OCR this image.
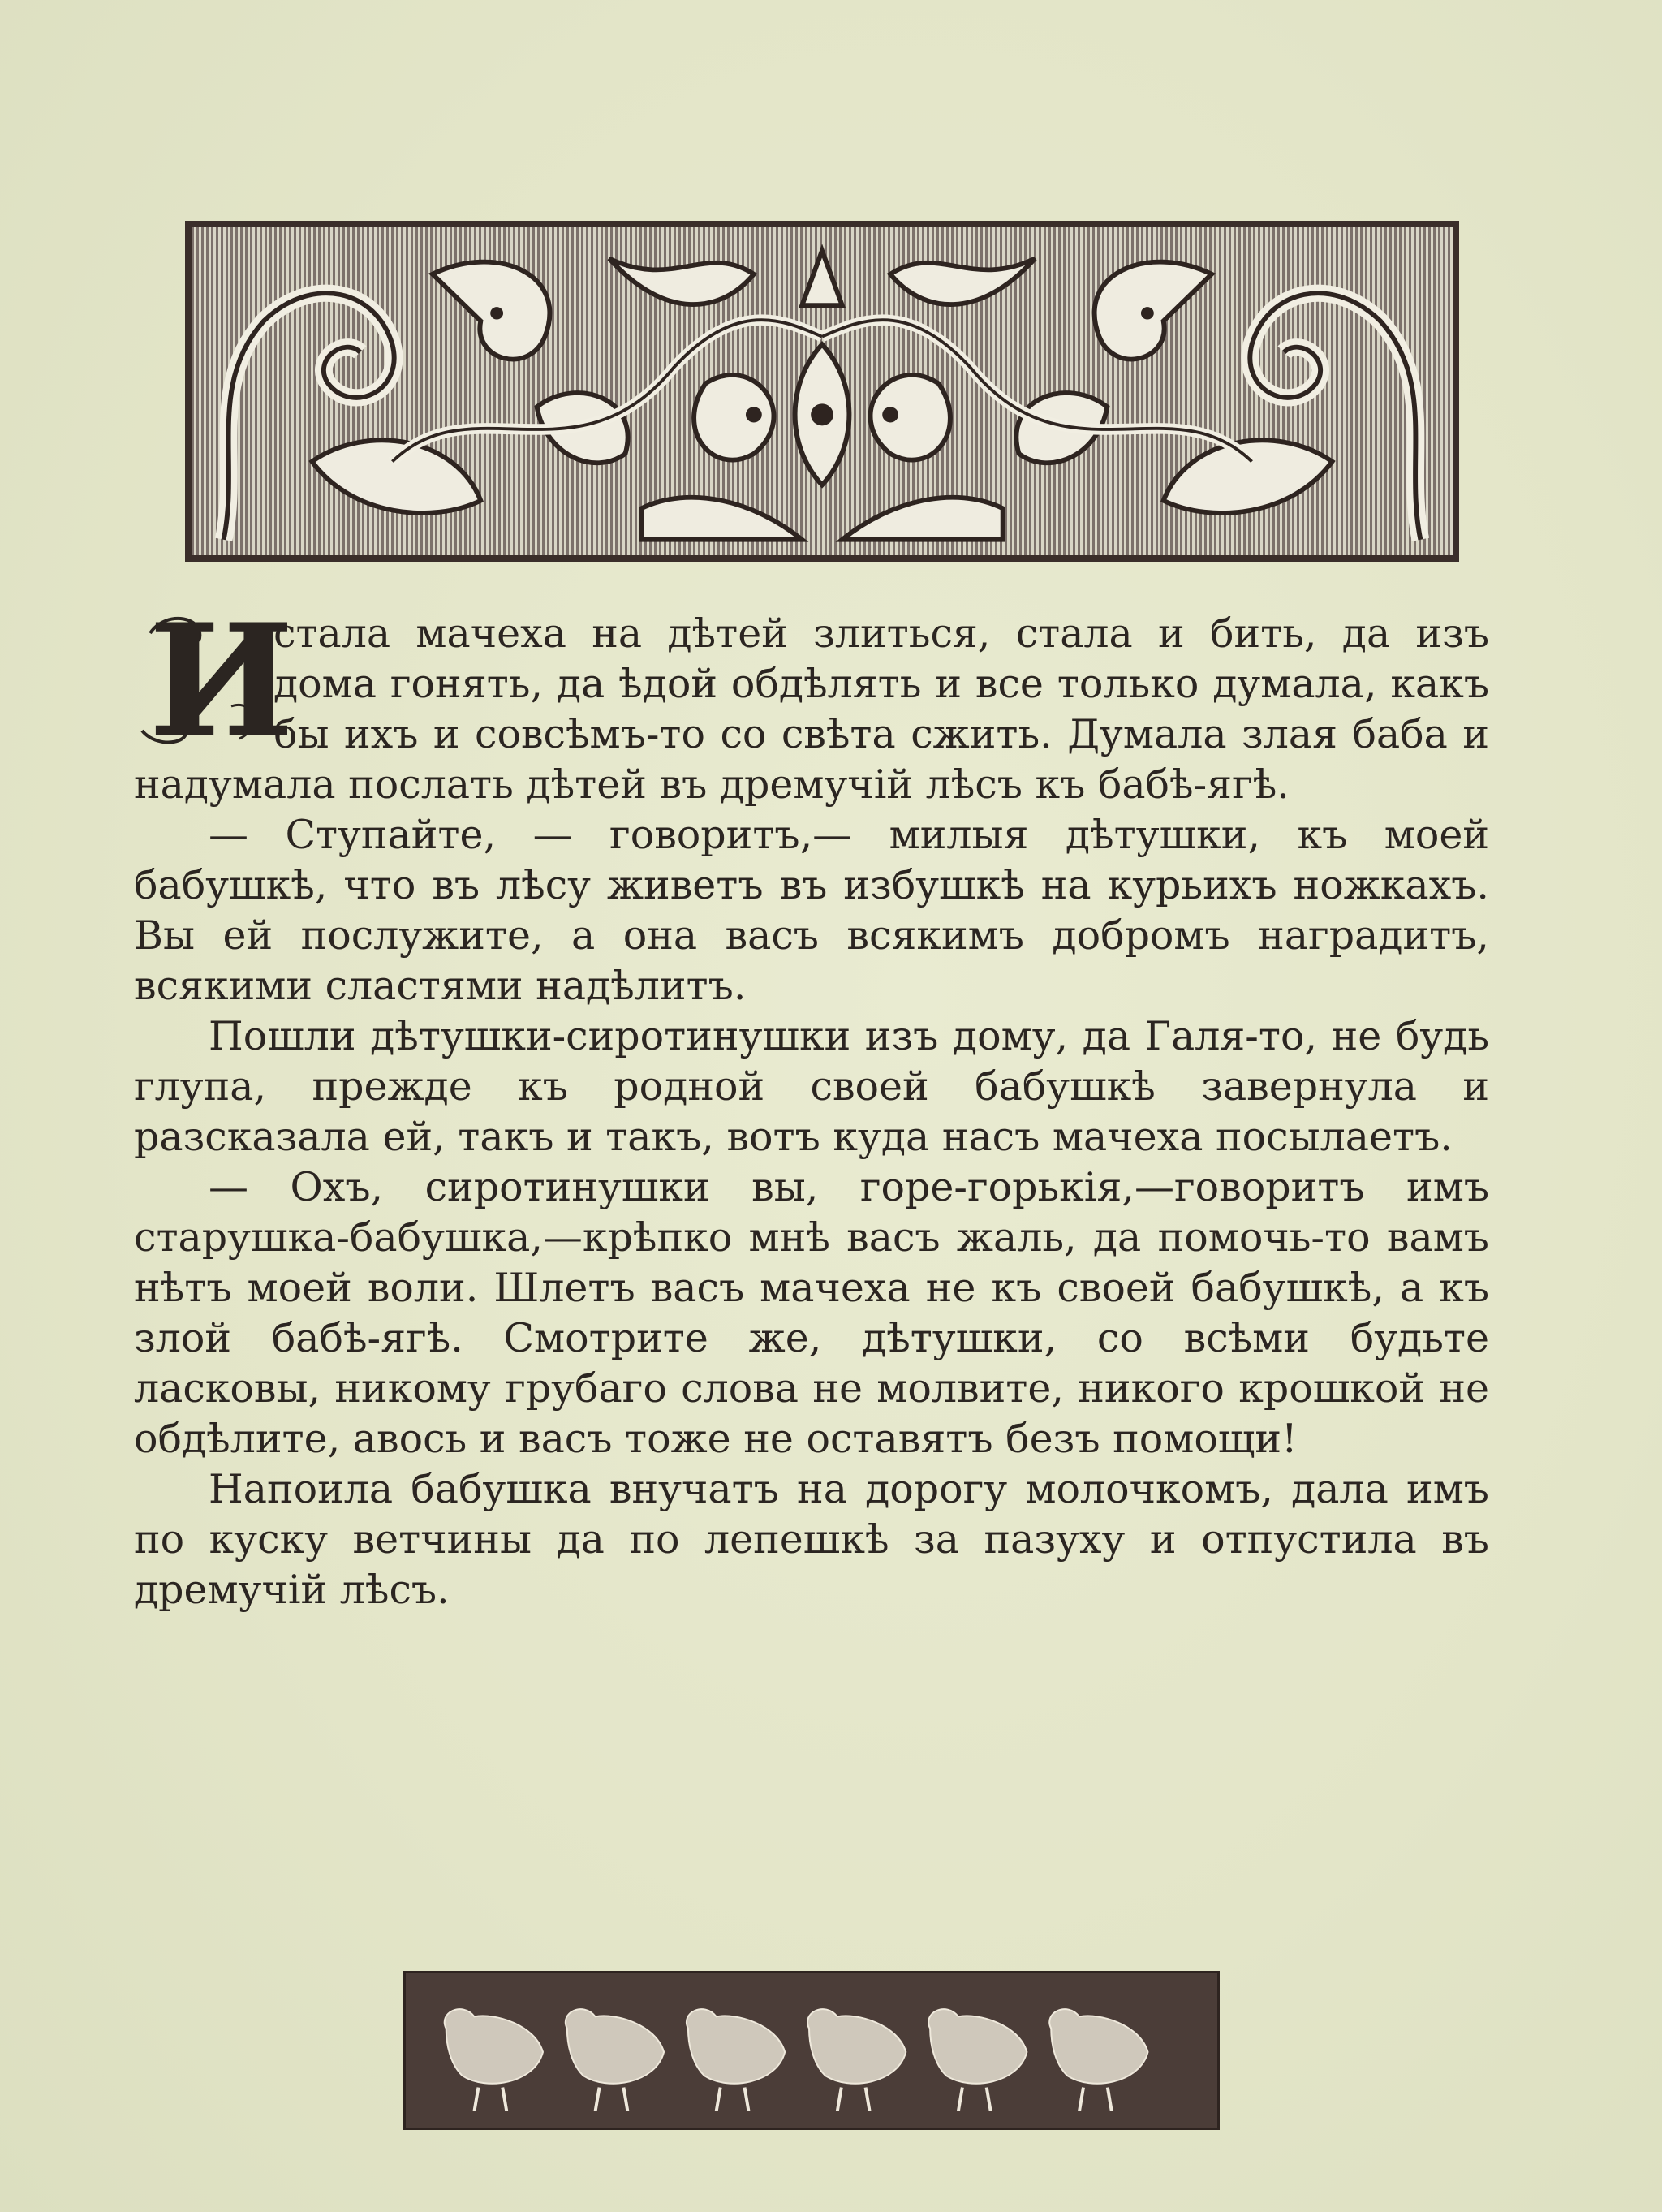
И
стала мачеха на дѣтей злиться, стала и бить, да изъ дома гонять, да ѣдой обдѣлять и все только думала, какъ бы ихъ и совсѣмъ-то со свѣта сжить. Думала злая баба и надумала послать дѣтей въ дремучій лѣсъ къ бабѣ-ягѣ.

— Ступайте, — говоритъ,— милыя дѣтушки, къ моей бабушкѣ, что въ лѣсу живетъ въ избушкѣ на курьихъ ножкахъ. Вы ей послужите, а она васъ всякимъ добромъ наградитъ, всякими сластями надѣлитъ.

Пошли дѣтушки-сиротинушки изъ дому, да Галя-то, не будь глупа, прежде къ родной своей бабушкѣ завернула и разсказала ей, такъ и такъ, вотъ куда насъ мачеха посылаетъ.

— Охъ, сиротинушки вы, горе-горькія,—говоритъ имъ старушка-бабушка,—крѣпко мнѣ васъ жаль, да помочь-то вамъ нѣтъ моей воли. Шлетъ васъ мачеха не къ своей бабушкѣ, а къ злой бабѣ-ягѣ. Смотрите же, дѣтушки, со всѣми будьте ласковы, никому грубаго слова не молвите, никого крошкой не обдѣлите, авось и васъ тоже не оставятъ безъ помощи!

Напоила бабушка внучатъ на дорогу молочкомъ, дала имъ по куску ветчины да по лепешкѣ за пазуху и отпустила въ дремучій лѣсъ.
